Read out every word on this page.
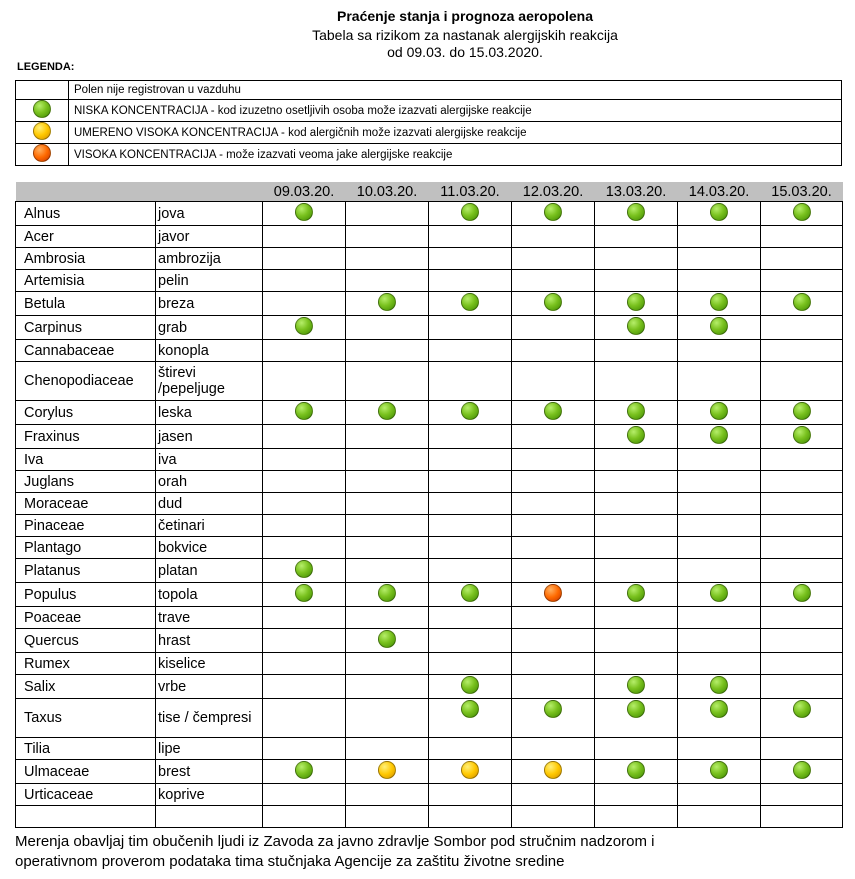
Praćenje stanja i prognoza aeropolena
Tabela sa rizikom za nastanak alergijskih reakcija
od 09.03. do 15.03.2020.
LEGENDA:
	Polen nije registrovan u vazduhu
	NISKA KONCENTRACIJA - kod izuzetno osetljivih osoba može izazvati alergijske reakcije
	UMERENO VISOKA KONCENTRACIJA - kod alergičnih može izazvati alergijske reakcije
	VISOKA KONCENTRACIJA - može izazvati veoma jake alergijske reakcije
		09.03.20.	10.03.20.	11.03.20.	12.03.20.	13.03.20.	14.03.20.	15.03.20.
Alnus	jova							
Acer	javor							
Ambrosia	ambrozija							
Artemisia	pelin							
Betula	breza							
Carpinus	grab							
Cannabaceae	konopla							
Chenopodiaceae	štirevi /pepeljuge							
Corylus	leska							
Fraxinus	jasen							
Iva	iva							
Juglans	orah							
Moraceae	dud							
Pinaceae	četinari							
Plantago	bokvice							
Platanus	platan							
Populus	topola							
Poaceae	trave							
Quercus	hrast							
Rumex	kiselice							
Salix	vrbe							
Taxus	tise / čempresi							
Tilia	lipe							
Ulmaceae	brest							
Urticaceae	koprive							

Merenja obavljaj tim obučenih ljudi iz Zavoda za javno zdravlje Sombor pod stručnim nadzorom i
operativnom proverom podataka tima stučnjaka Agencije za zaštitu životne sredine
